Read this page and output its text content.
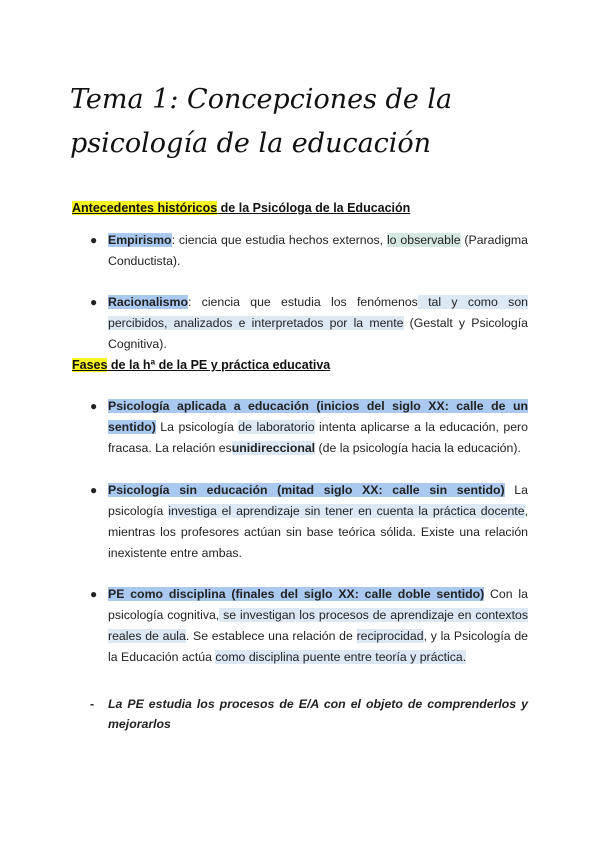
Tema 1: Concepciones de la psicología de la educación
Antecedentes históricos de la Psicóloga de la Educación
● Empirismo: ciencia que estudia hechos externos, lo observable (Paradigma Conductista).
● Racionalismo: ciencia que estudia los fenómenos tal y como son percibidos, analizados e interpretados por la mente (Gestalt y Psicología Cognitiva).
Fases de la hª de la PE y práctica educativa
● Psicología aplicada a educación (inicios del siglo XX: calle de un sentido) La psicología de laboratorio intenta aplicarse a la educación, pero fracasa. La relación esunidireccional (de la psicología hacia la educación).
● Psicología sin educación (mitad siglo XX: calle sin sentido) La psicología investiga el aprendizaje sin tener en cuenta la práctica docente, mientras los profesores actúan sin base teórica sólida. Existe una relación inexistente entre ambas.
● PE como disciplina (finales del siglo XX: calle doble sentido) Con la psicología cognitiva, se investigan los procesos de aprendizaje en contextos reales de aula. Se establece una relación de reciprocidad, y la Psicología de la Educación actúa como disciplina puente entre teoría y práctica.
- La PE estudia los procesos de E/A con el objeto de comprenderlos y mejorarlos
